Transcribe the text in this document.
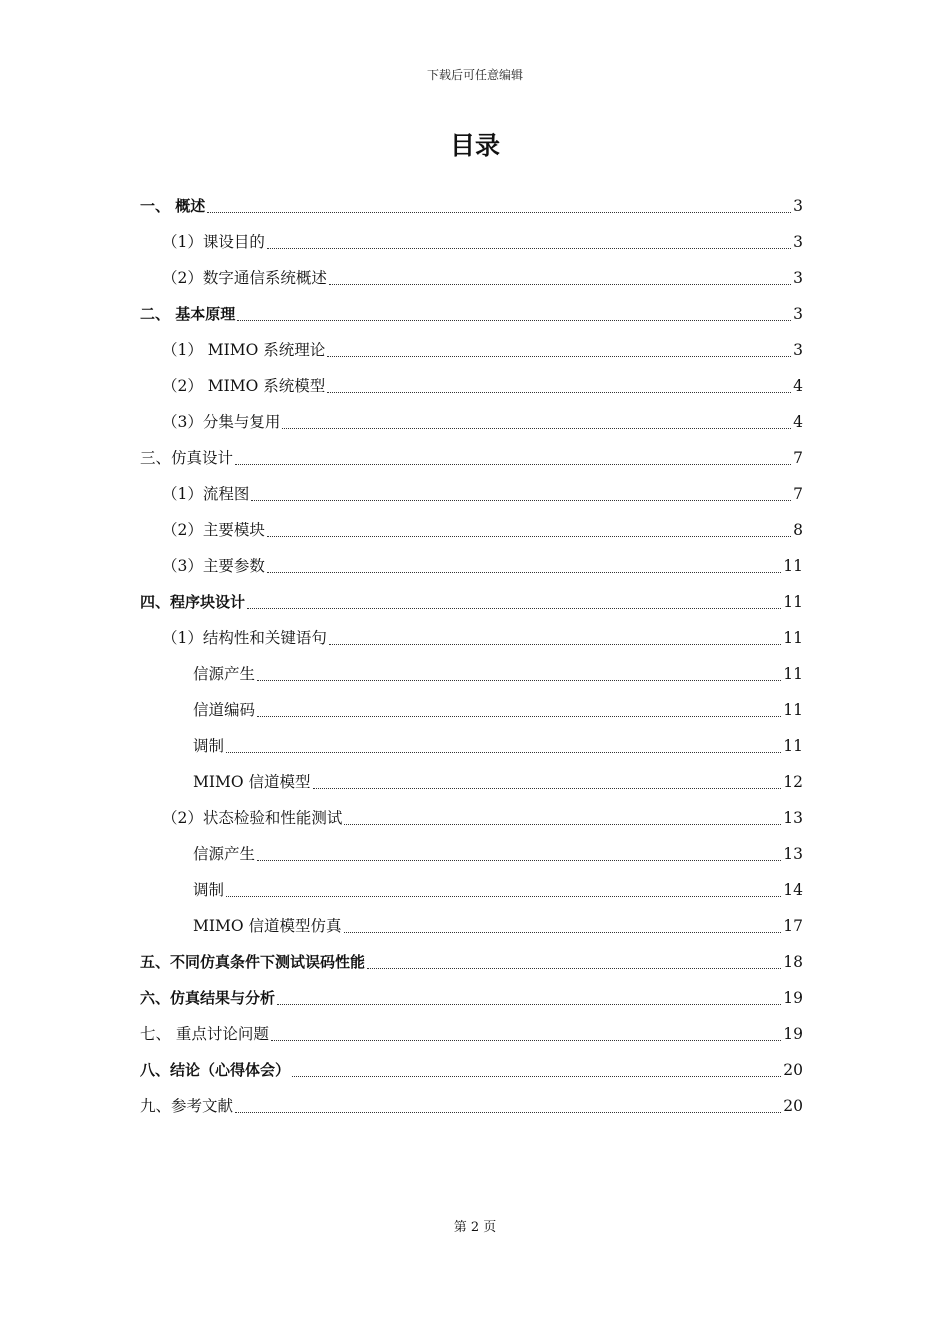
下载后可任意编辑
目录
一、 概述	3
（1）课设目的	3
（2）数字通信系统概述	3
二、 基本原理	3
（1） MIMO 系统理论	3
（2） MIMO 系统模型	4
（3）分集与复用	4
三、仿真设计	7
（1）流程图	7
（2）主要模块	8
（3）主要参数	11
四、程序块设计	11
（1）结构性和关键语句	11
信源产生	11
信道编码	11
调制	11
MIMO 信道模型	12
（2）状态检验和性能测试	13
信源产生	13
调制	14
MIMO 信道模型仿真	17
五、不同仿真条件下测试误码性能	18
六、仿真结果与分析	19
七、 重点讨论问题	19
八、结论（心得体会）	20
九、参考文献	20
第 2 页
